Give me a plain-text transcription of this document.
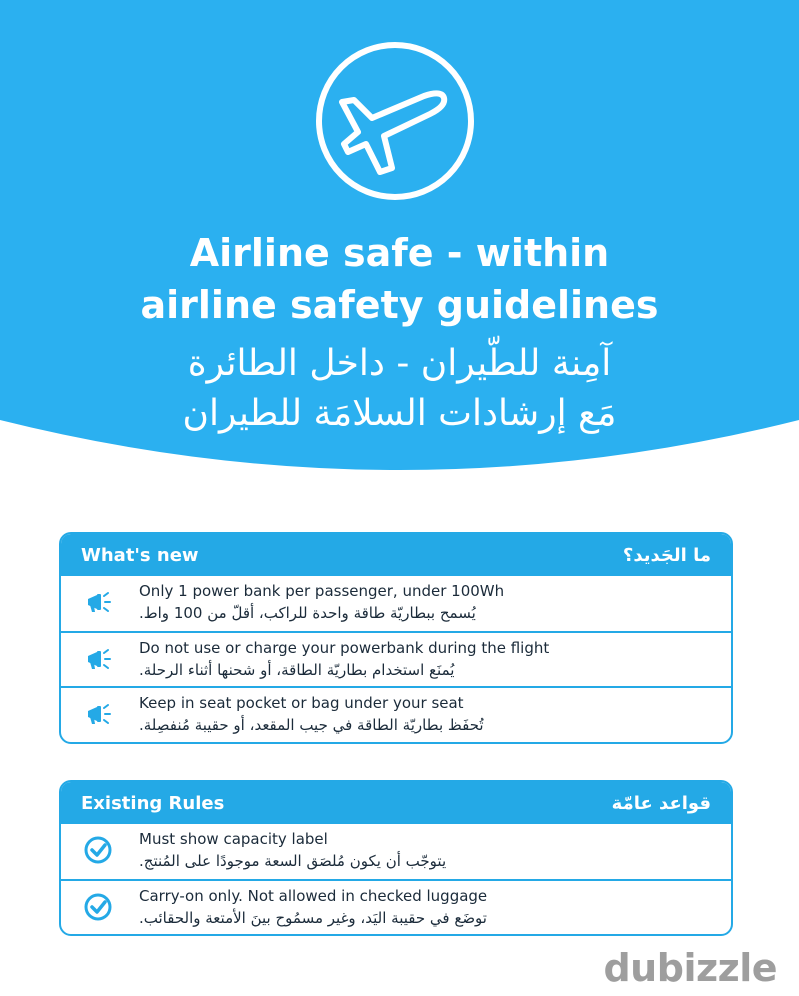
Airline safe - within

airline safety guidelines

آمِنة للطّيران - داخل الطائرة

مَع إرشادات السلامَة للطيران

What's new	ما الجَديد؟
Only 1 power bank per passenger, under 100Wh
يُسمح ببطاريّة طاقة واحدة للراكب، أقلّ من 100 واط.
Do not use or charge your powerbank during the flight
يُمنَع استخدام بطاريّة الطاقة، أو شحنها أثناء الرحلة.
Keep in seat pocket or bag under your seat
تُحفَظ بطاريّة الطاقة في جيب المقعد، أو حقيبة مُنفصِلة.
Existing Rules	قواعد عامّة
Must show capacity label
يتوجّب أن يكون مُلصَق السعة موجودًا على المُنتج.
Carry-on only. Not allowed in checked luggage
توضَع في حقيبة اليَد، وغير مسمُوح بينَ الأمتعة والحقائب.
dubizzle
